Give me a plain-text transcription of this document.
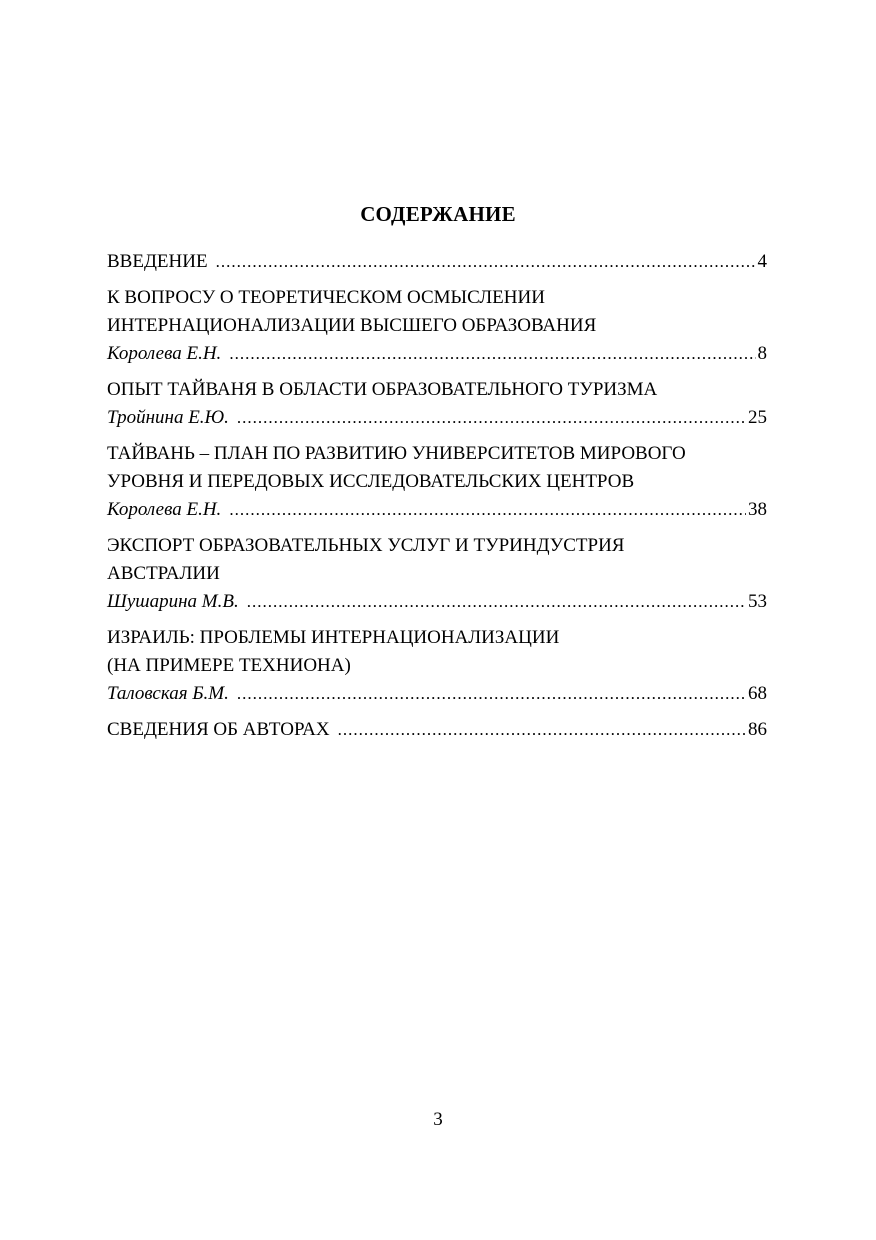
СОДЕРЖАНИЕ
ВВЕДЕНИЕ .....	4
К ВОПРОСУ О ТЕОРЕТИЧЕСКОМ ОСМЫСЛЕНИИ
ИНТЕРНАЦИОНАЛИЗАЦИИ ВЫСШЕГО ОБРАЗОВАНИЯ
Королева Е.Н. .....	8
ОПЫТ ТАЙВАНЯ В ОБЛАСТИ ОБРАЗОВАТЕЛЬНОГО ТУРИЗМА
Тройнина Е.Ю. .....	25
ТАЙВАНЬ – ПЛАН ПО РАЗВИТИЮ УНИВЕРСИТЕТОВ МИРОВОГО
УРОВНЯ И ПЕРЕДОВЫХ ИССЛЕДОВАТЕЛЬСКИХ ЦЕНТРОВ
Королева Е.Н. .....	38
ЭКСПОРТ ОБРАЗОВАТЕЛЬНЫХ УСЛУГ И ТУРИНДУСТРИЯ
АВСТРАЛИИ
Шушарина М.В. .....	53
ИЗРАИЛЬ: ПРОБЛЕМЫ ИНТЕРНАЦИОНАЛИЗАЦИИ
(НА ПРИМЕРЕ ТЕХНИОНА)
Таловская Б.М. .....	68
СВЕДЕНИЯ ОБ АВТОРАХ .....	86
3
